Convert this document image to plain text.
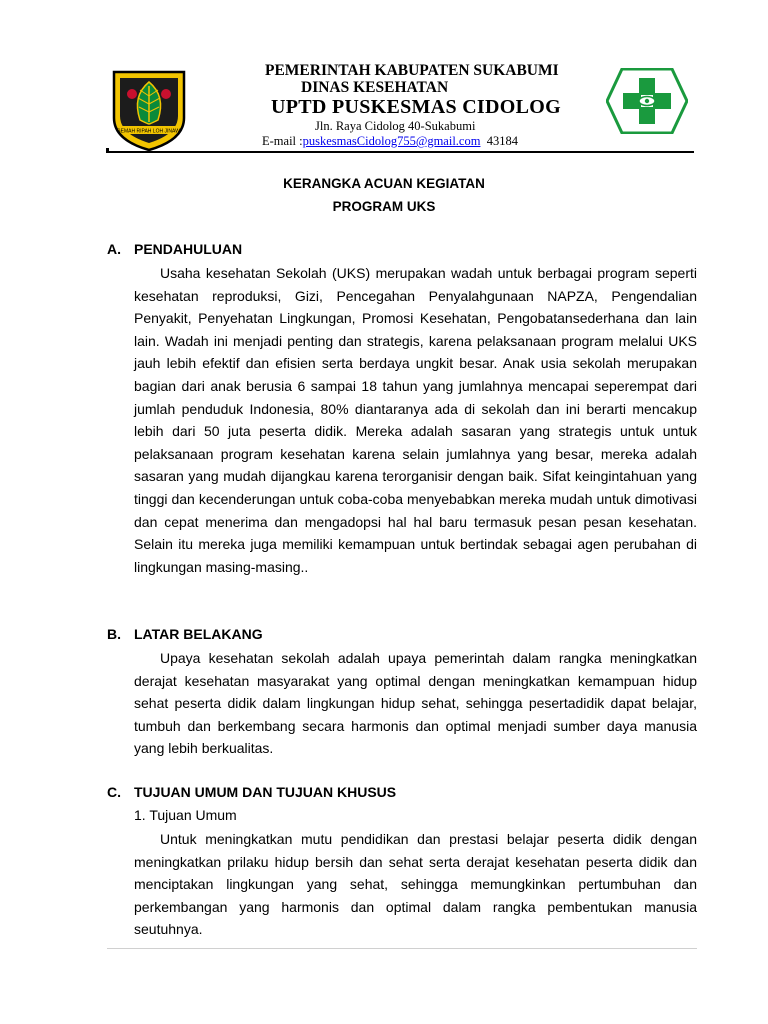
GEMAH RIPAH LOH JINAWI
PEMERINTAH KABUPATEN SUKABUMI
DINAS KESEHATAN
UPTD PUSKESMAS CIDOLOG
Jln. Raya Cidolog 40-Sukabumi
E-mail :puskesmasCidolog755@gmail.com 43184
KERANGKA ACUAN KEGIATAN
PROGRAM UKS
A. PENDAHULUAN

Usaha kesehatan Sekolah (UKS) merupakan wadah untuk berbagai program seperti kesehatan reproduksi, Gizi, Pencegahan Penyalahgunaan NAPZA, Pengendalian Penyakit, Penyehatan Lingkungan, Promosi Kesehatan, Pengobatansederhana dan lain lain. Wadah ini menjadi penting dan strategis, karena pelaksanaan program melalui UKS jauh lebih efektif dan efisien serta berdaya ungkit besar. Anak usia sekolah merupakan bagian dari anak berusia 6 sampai 18 tahun yang jumlahnya mencapai seperempat dari jumlah penduduk Indonesia, 80% diantaranya ada di sekolah dan ini berarti mencakup lebih dari 50 juta peserta didik. Mereka adalah sasaran yang strategis untuk untuk pelaksanaan program kesehatan karena selain jumlahnya yang besar, mereka adalah sasaran yang mudah dijangkau karena terorganisir dengan baik. Sifat keingintahuan yang tinggi dan kecenderungan untuk coba-coba menyebabkan mereka mudah untuk dimotivasi dan cepat menerima dan mengadopsi hal hal baru termasuk pesan pesan kesehatan. Selain itu mereka juga memiliki kemampuan untuk bertindak sebagai agen perubahan di lingkungan masing-masing..

B. LATAR BELAKANG

Upaya kesehatan sekolah adalah upaya pemerintah dalam rangka meningkatkan derajat kesehatan masyarakat yang optimal dengan meningkatkan kemampuan hidup sehat peserta didik dalam lingkungan hidup sehat, sehingga pesertadidik dapat belajar, tumbuh dan berkembang secara harmonis dan optimal menjadi sumber daya manusia yang lebih berkualitas.

C. TUJUAN UMUM DAN TUJUAN KHUSUS
1. Tujuan Umum

Untuk meningkatkan mutu pendidikan dan prestasi belajar peserta didik dengan meningkatkan prilaku hidup bersih dan sehat serta derajat kesehatan peserta didik dan menciptakan lingkungan yang sehat, sehingga memungkinkan pertumbuhan dan perkembangan yang harmonis dan optimal dalam rangka pembentukan manusia seutuhnya.
